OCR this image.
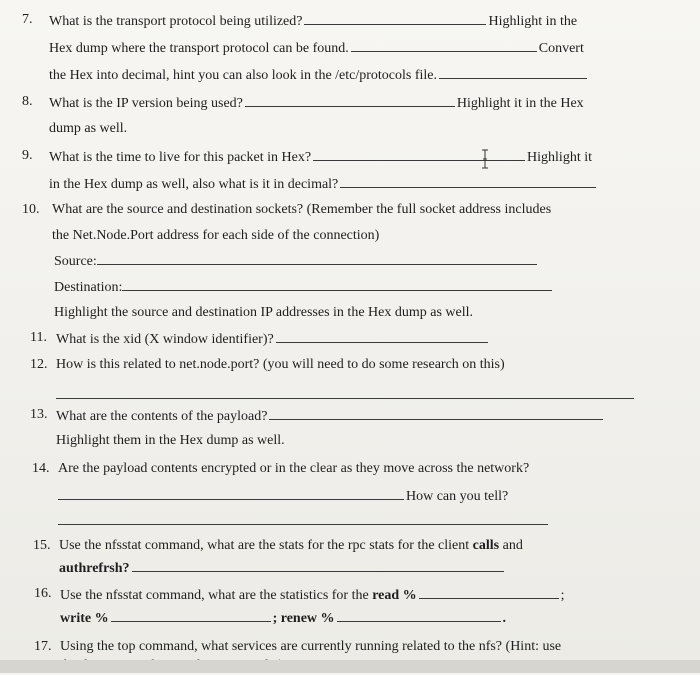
7. What is the transport protocol being utilized?	Highlight in the
Hex dump where the transport protocol can be found.	Convert
the Hex into decimal, hint you can also look in the /etc/protocols file.
8. What is the IP version being used?	Highlight it in the Hex
dump as well.
9. What is the time to live for this packet in Hex?	Highlight it
in the Hex dump as well, also what is it in decimal?
10. What are the source and destination sockets? (Remember the full socket address includes
the Net.Node.Port address for each side of the connection)
Source:
Destination:
Highlight the source and destination IP addresses in the Hex dump as well.
11. What is the xid (X window identifier)?
12. How is this related to net.node.port? (you will need to do some research on this)
13. What are the contents of the payload?
Highlight them in the Hex dump as well.
14. Are the payload contents encrypted or in the clear as they move across the network?
How can you tell?
15. Use the nfsstat command, what are the stats for the rpc stats for the client calls and
authrefrsh?
16. Use the nfsstat command, what are the statistics for the read %	;
write %	; renew %	.
17. Using the top command, what services are currently running related to the nfs? (Hint: use
